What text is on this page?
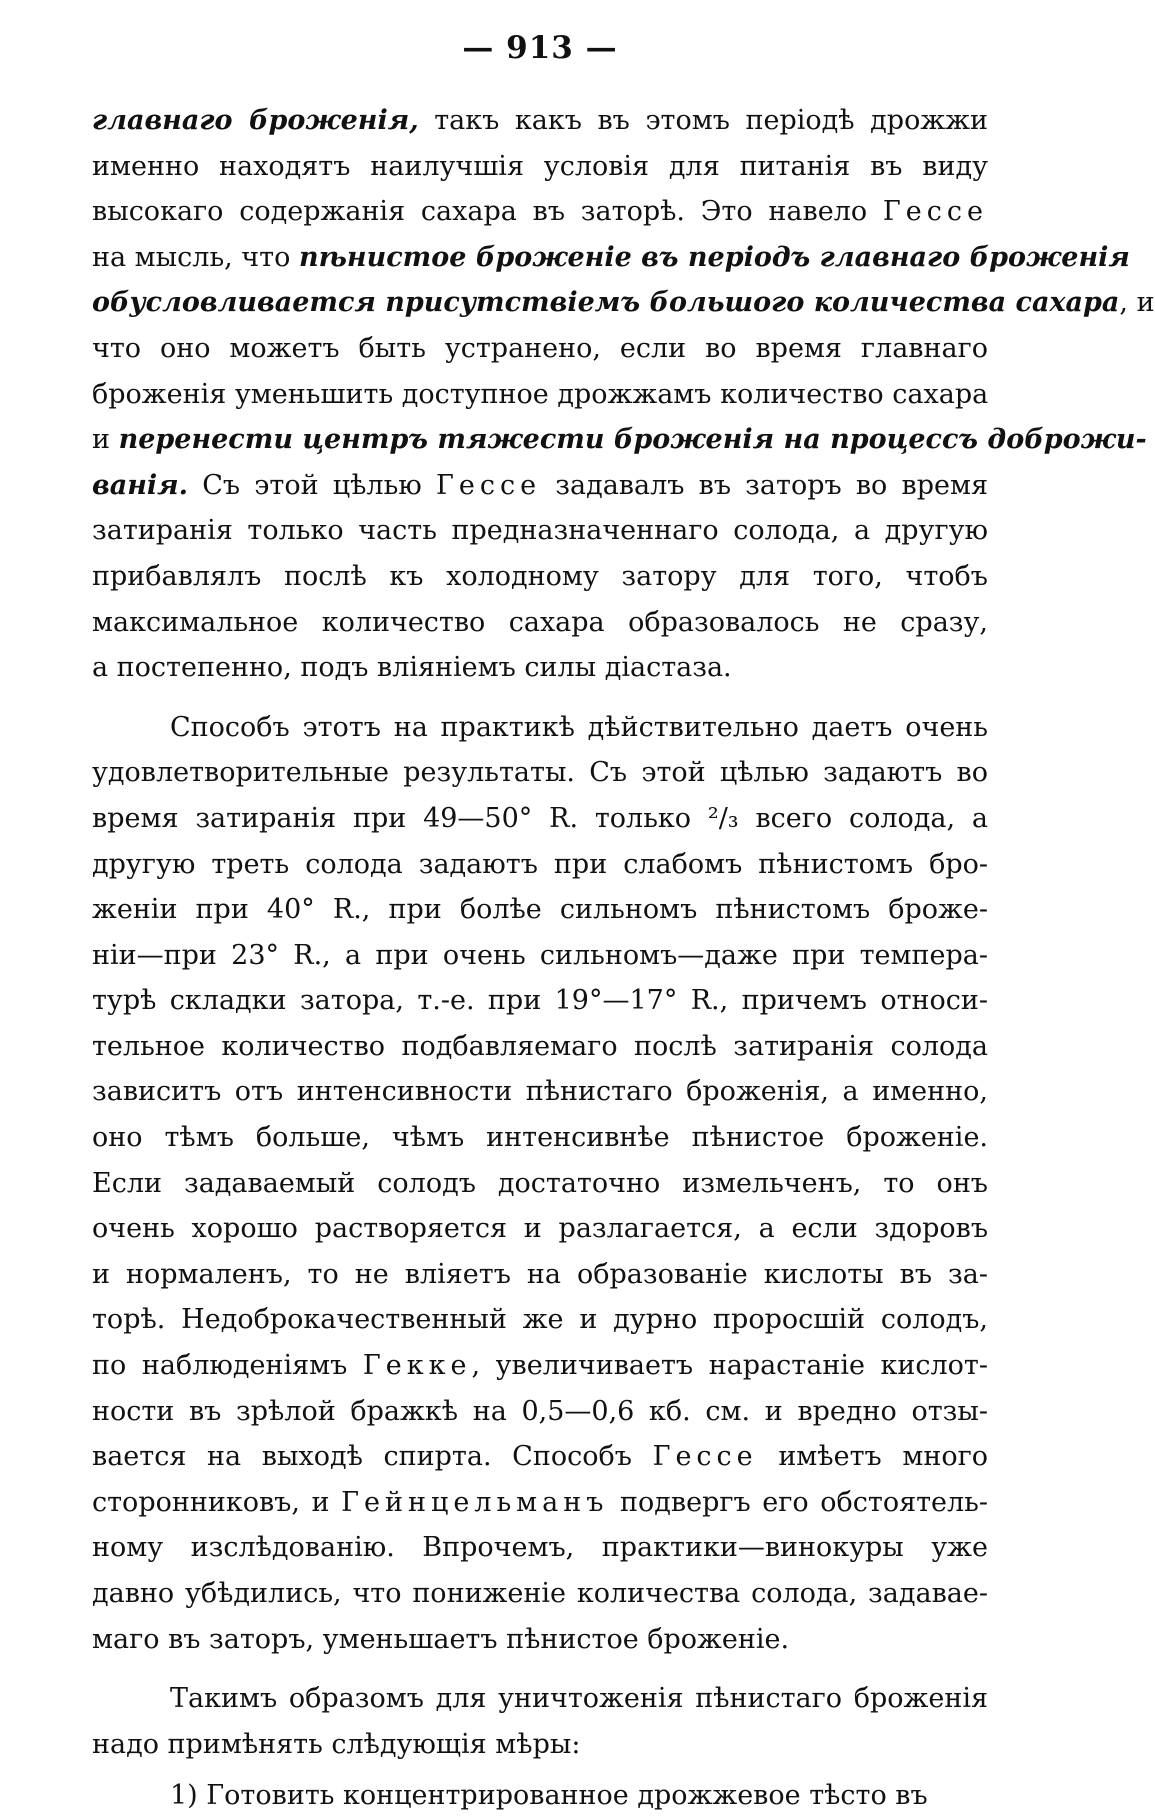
— 913 —

главнаго броженія, такъ какъ въ этомъ періодѣ дрожжи
именно находятъ наилучшія условія для питанія въ виду
высокаго содержанія сахара въ заторѣ. Это навело Гессе
на мысль, что пѣнистое броженіе въ періодъ главнаго броженія
обусловливается присутствіемъ большого количества сахара, и
что оно можетъ быть устранено, если во время главнаго
броженія уменьшить доступное дрожжамъ количество сахара
и перенести центръ тяжести броженія на процессъ доброжи-
ванія. Съ этой цѣлью Гессе задавалъ въ заторъ во время
затиранія только часть предназначеннаго солода, а другую
прибавлялъ послѣ къ холодному затору для того, чтобъ
максимальное количество сахара образовалось не сразу,
а постепенно, подъ вліяніемъ силы діастаза.

Способъ этотъ на практикѣ дѣйствительно даетъ очень
удовлетворительные результаты. Съ этой цѣлью задаютъ во
время затиранія при 49—50° R. только ²/₃ всего солода, а
другую треть солода задаютъ при слабомъ пѣнистомъ бро-
женіи при 40° R., при болѣе сильномъ пѣнистомъ броже-
ніи—при 23° R., а при очень сильномъ—даже при темпера-
турѣ складки затора, т.-е. при 19°—17° R., причемъ относи-
тельное количество подбавляемаго послѣ затиранія солода
зависитъ отъ интенсивности пѣнистаго броженія, а именно,
оно тѣмъ больше, чѣмъ интенсивнѣе пѣнистое броженіе.
Если задаваемый солодъ достаточно измельченъ, то онъ
очень хорошо растворяется и разлагается, а если здоровъ
и нормаленъ, то не вліяетъ на образованіе кислоты въ за-
торѣ. Недоброкачественный же и дурно проросшій солодъ,
по наблюденіямъ Гекке, увеличиваетъ нарастаніе кислот-
ности въ зрѣлой бражкѣ на 0,5—0,6 кб. см. и вредно отзы-
вается на выходѣ спирта. Способъ Гессе имѣетъ много
сторонниковъ, и Гейнцельманъ подвергъ его обстоятель-
ному изслѣдованію. Впрочемъ, практики—винокуры уже
давно убѣдились, что пониженіе количества солода, задавае-
маго въ заторъ, уменьшаетъ пѣнистое броженіе.

Такимъ образомъ для уничтоженія пѣнистаго броженія
надо примѣнять слѣдующія мѣры:

1) Готовить концентрированное дрожжевое тѣсто въ
